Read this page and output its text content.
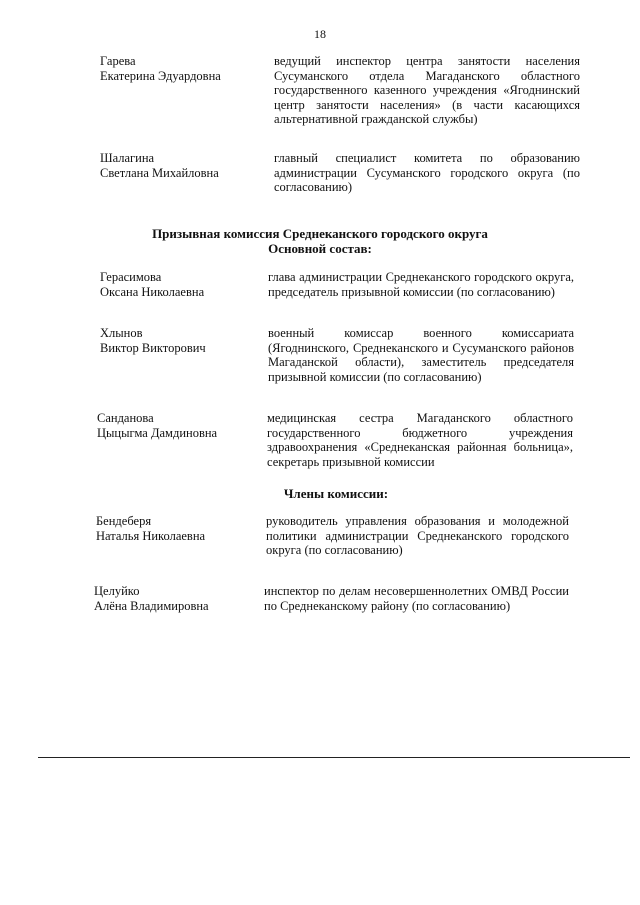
18
Гарева
Екатерина Эдуардовна
ведущий инспектор центра занятости населения Сусуманского отдела Магаданского областного государственного казенного учреждения «Ягоднинский центр занятости населения» (в части касающихся альтернативной гражданской службы)
Шалагина
Светлана Михайловна
главный специалист комитета по образованию администрации Сусуманского городского округа (по согласованию)
Призывная комиссия Среднеканского городского округа
Основной состав:
Герасимова
Оксана Николаевна
глава администрации Среднеканского городского округа, председатель призывной комиссии (по согласованию)
Хлынов
Виктор Викторович
военный комиссар военного комиссариата (Ягоднинского, Среднеканского и Сусуманского районов Магаданской области), заместитель председателя призывной комиссии (по согласованию)
Санданова
Цыцыгма Дамдиновна
медицинская сестра Магаданского областного государственного бюджетного учреждения здравоохранения «Среднеканская районная больница», секретарь призывной комиссии
Члены комиссии:
Бендеберя
Наталья Николаевна
руководитель управления образования и молодежной политики администрации Среднеканского городского округа (по согласованию)
Целуйко
Алёна Владимировна
инспектор по делам несовершеннолетних ОМВД России по Среднеканскому району (по согласованию)
